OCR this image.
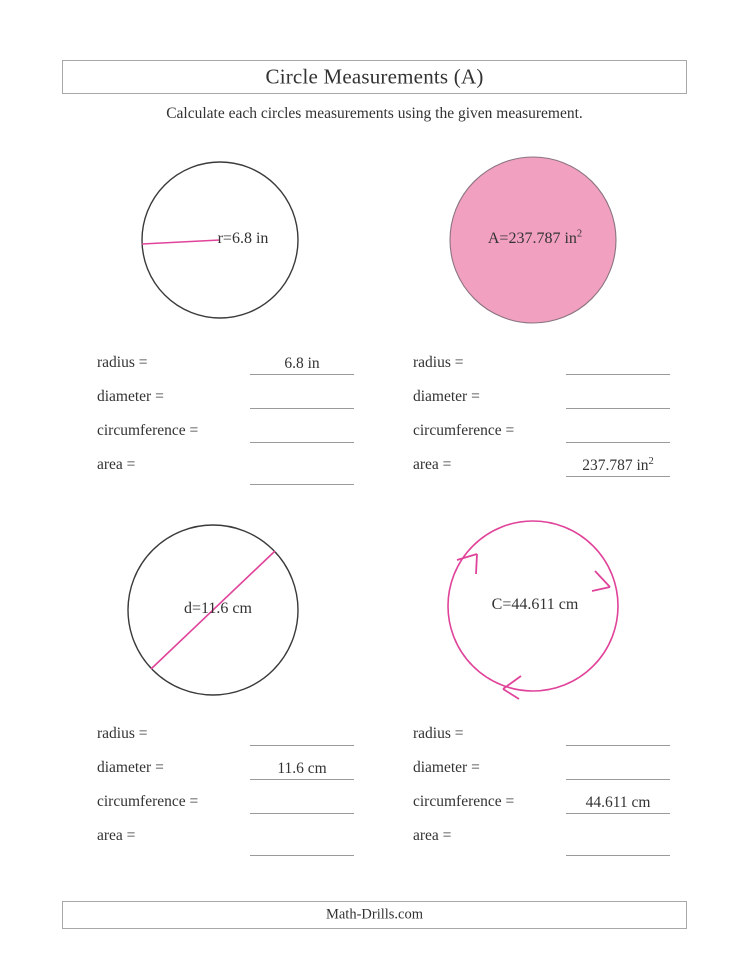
Circle Measurements (A)
Calculate each circles measurements using the given measurement.
r=6.8 in	A=237.787 $in^2$
radius =	6.8 in
diameter =
circumference =
area =
radius =
diameter =
circumference =
area =	237.787 $in^2$
d=11.6 cm	C=44.611 cm
radius =
diameter =	11.6 cm
circumference =
area =
radius =
diameter =
circumference =	44.611 cm
area =
Math-Drills.com
